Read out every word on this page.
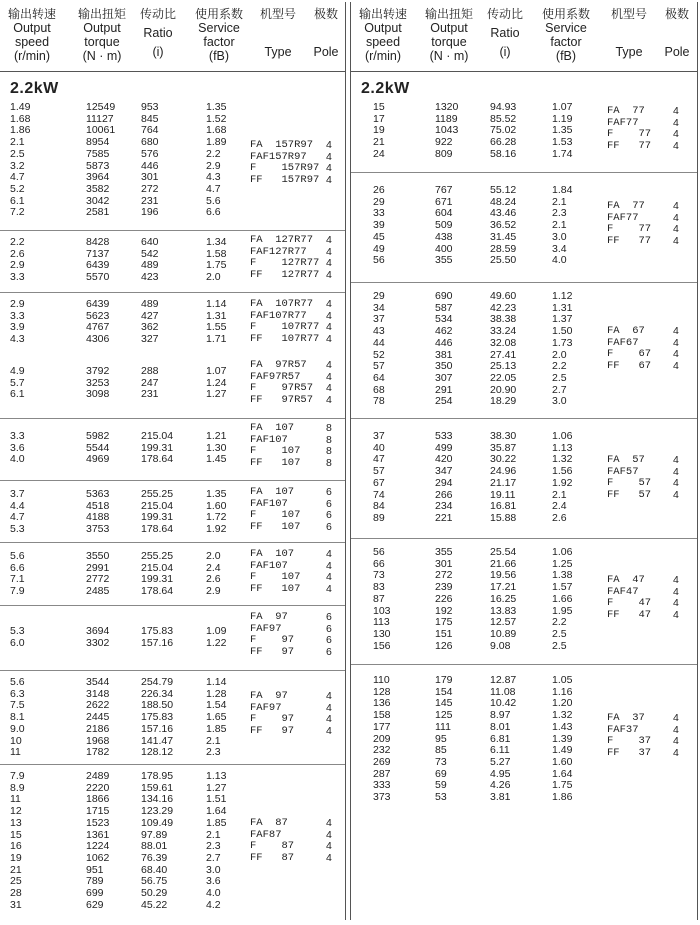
输出转速
Output
speed
(r/min)
输出扭矩
Output
torque
(N · m)
传动比
Ratio
(i)
使用系数
Service
factor
(fB)
机型号
Type
极数
Pole
2.2kW
1.49
1.68
1.86
2.1
2.5
3.2
4.7
5.2
6.1
7.2
12549
11127
10061
8954
7585
5873
3964
3582
3042
2581
953
845
764
680
576
446
301
272
231
196
1.35
1.52
1.68
1.89
2.2
2.9
4.3
4.7
5.6
6.6
FA  157R97
FAF157R97
F    157R97
FF   157R97
4
4
4
4
2.2
2.6
2.9
3.3
8428
7137
6439
5570
640
542
489
423
1.34
1.58
1.75
2.0
FA  127R77
FAF127R77
F    127R77
FF   127R77
4
4
4
4
2.9
3.3
3.9
4.3
6439
5623
4767
4306
489
427
362
327
1.14
1.31
1.55
1.71
FA  107R77
FAF107R77
F    107R77
FF   107R77
4
4
4
4
4.9
5.7
6.1
3792
3253
3098
288
247
231
1.07
1.24
1.27
FA  97R57
FAF97R57
F    97R57
FF   97R57
4
4
4
4
3.3
3.6
4.0
5982
5544
4969
215.04
199.31
178.64
1.21
1.30
1.45
FA  107
FAF107
F    107
FF   107
8
8
8
8
3.7
4.4
4.7
5.3
5363
4518
4188
3753
255.25
215.04
199.31
178.64
1.35
1.60
1.72
1.92
FA  107
FAF107
F    107
FF   107
6
6
6
6
5.6
6.6
7.1
7.9
3550
2991
2772
2485
255.25
215.04
199.31
178.64
2.0
2.4
2.6
2.9
FA  107
FAF107
F    107
FF   107
4
4
4
4
5.3
6.0
3694
3302
175.83
157.16
1.09
1.22
FA  97
FAF97
F    97
FF   97
6
6
6
6
5.6
6.3
7.5
8.1
9.0
10
11
3544
3148
2622
2445
2186
1968
1782
254.79
226.34
188.50
175.83
157.16
141.47
128.12
1.14
1.28
1.54
1.65
1.85
2.1
2.3
FA  97
FAF97
F    97
FF   97
4
4
4
4
7.9
8.9
11
12
13
15
16
19
21
25
28
31
2489
2220
1866
1715
1523
1361
1224
1062
951
789
699
629
178.95
159.61
134.16
123.29
109.49
97.89
88.01
76.39
68.40
56.75
50.29
45.22
1.13
1.27
1.51
1.64
1.85
2.1
2.3
2.7
3.0
3.6
4.0
4.2
FA  87
FAF87
F    87
FF   87
4
4
4
4
输出转速
Output
speed
(r/min)
输出扭矩
Output
torque
(N · m)
传动比
Ratio
(i)
使用系数
Service
factor
(fB)
机型号
Type
极数
Pole
2.2kW
15
17
19
21
24
1320
1189
1043
922
809
94.93
85.52
75.02
66.28
58.16
1.07
1.19
1.35
1.53
1.74
FA  77
FAF77
F    77
FF   77
4
4
4
4
26
29
33
39
45
49
56
767
671
604
509
438
400
355
55.12
48.24
43.46
36.52
31.45
28.59
25.50
1.84
2.1
2.3
2.1
3.0
3.4
4.0
FA  77
FAF77
F    77
FF   77
4
4
4
4
29
34
37
43
44
52
57
64
68
78
690
587
534
462
446
381
350
307
291
254
49.60
42.23
38.38
33.24
32.08
27.41
25.13
22.05
20.90
18.29
1.12
1.31
1.37
1.50
1.73
2.0
2.2
2.5
2.7
3.0
FA  67
FAF67
F    67
FF   67
4
4
4
4
37
40
47
57
67
74
84
89
533
499
420
347
294
266
234
221
38.30
35.87
30.22
24.96
21.17
19.11
16.81
15.88
1.06
1.13
1.32
1.56
1.92
2.1
2.4
2.6
FA  57
FAF57
F    57
FF   57
4
4
4
4
56
66
73
83
87
103
113
130
156
355
301
272
239
226
192
175
151
126
25.54
21.66
19.56
17.21
16.25
13.83
12.57
10.89
9.08
1.06
1.25
1.38
1.57
1.66
1.95
2.2
2.5
2.5
FA  47
FAF47
F    47
FF   47
4
4
4
4
110
128
136
158
177
209
232
269
287
333
373
179
154
145
125
111
95
85
73
69
59
53
12.87
11.08
10.42
8.97
8.01
6.81
6.11
5.27
4.95
4.26
3.81
1.05
1.16
1.20
1.32
1.43
1.39
1.49
1.60
1.64
1.75
1.86
FA  37
FAF37
F    37
FF   37
4
4
4
4
